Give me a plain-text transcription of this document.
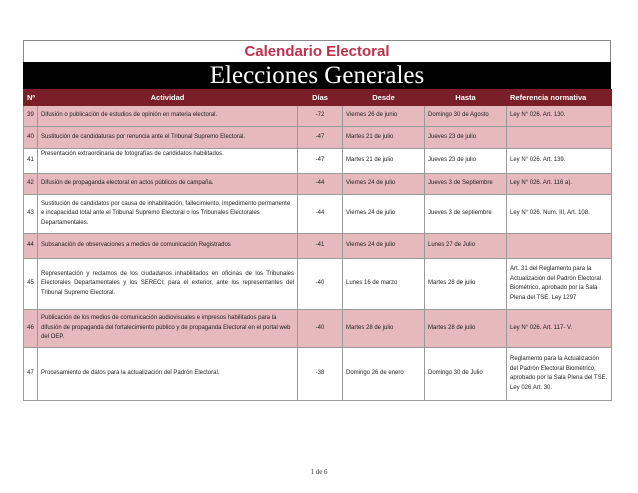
Calendario Electoral
Elecciones Generales
Nº	Actividad	Días	Desde	Hasta	Referencia normativa
39	Difusión o publicación de estudios de opinión en materia electoral.	-72	Viernes 26 de junio	Domingo 30 de Agosto	Ley N° 026. Art. 130.
40	Sustitución de candidaturas por renuncia ante el Tribunal Supremo Electoral.	-47	Martes 21 de julio	Jueves 23 de julio	
41	Presentación extraordinaria de fotografías de candidatos habilitados.	-47	Martes 21 de julio	Jueves 23 de julio	Ley N° 026. Art. 139.
42	Difusión de propaganda electoral en actos públicos de campaña.	-44	Viernes 24 de julio	Jueves 3 de Septiembre	Ley N° 026. Art. 116 a).
43	Sustitución de candidatos por causa de inhabilitación, fallecimiento, impedimento permanente e incapacidad total ante el Tribunal Supremo Electoral o los Tribunales Electorales Departamentales.	-44	Viernes 24 de julio	Jueves 3 de septiembre	Ley N° 026. Num. III, Art. 108.
44	Subsanación de observaciones a medios de comunicación Registrados	-41	Viernes 24 de julio	Lunes 27 de Julio	
45	Representación y reclamos de los ciudadanos inhabilitados en oficinas de los Tribunales Electorales Departamentales y los SERECI; para el exterior, ante los representantes del Tribunal Supremo Electoral.	-40	Lunes 16 de marzo	Martes 28 de julio	Art. 31 del Reglamento para la Actualización del Padrón Electoral Biométrico, aprobado por la Sala Plena del TSE. Ley 1297
46	Publicación de los medios de comunicación audiovisuales e impresos habilitados para la difusión de propaganda del fortalecimiento público y de propaganda Electoral en el portal web del OEP.	-40	Martes 28 de julio	Martes 28 de julio	Ley N° 026. Art. 117- V.
47	Procesamiento de datos para la actualización del Padrón Electoral.	-38	Domingo 26 de enero	Domingo 30 de Julio	Reglamento para la Actualización del Padrón Electoral Biométrico, aprobado por la Sala Plena del TSE. Ley 026 Art. 30.
1 de 6
